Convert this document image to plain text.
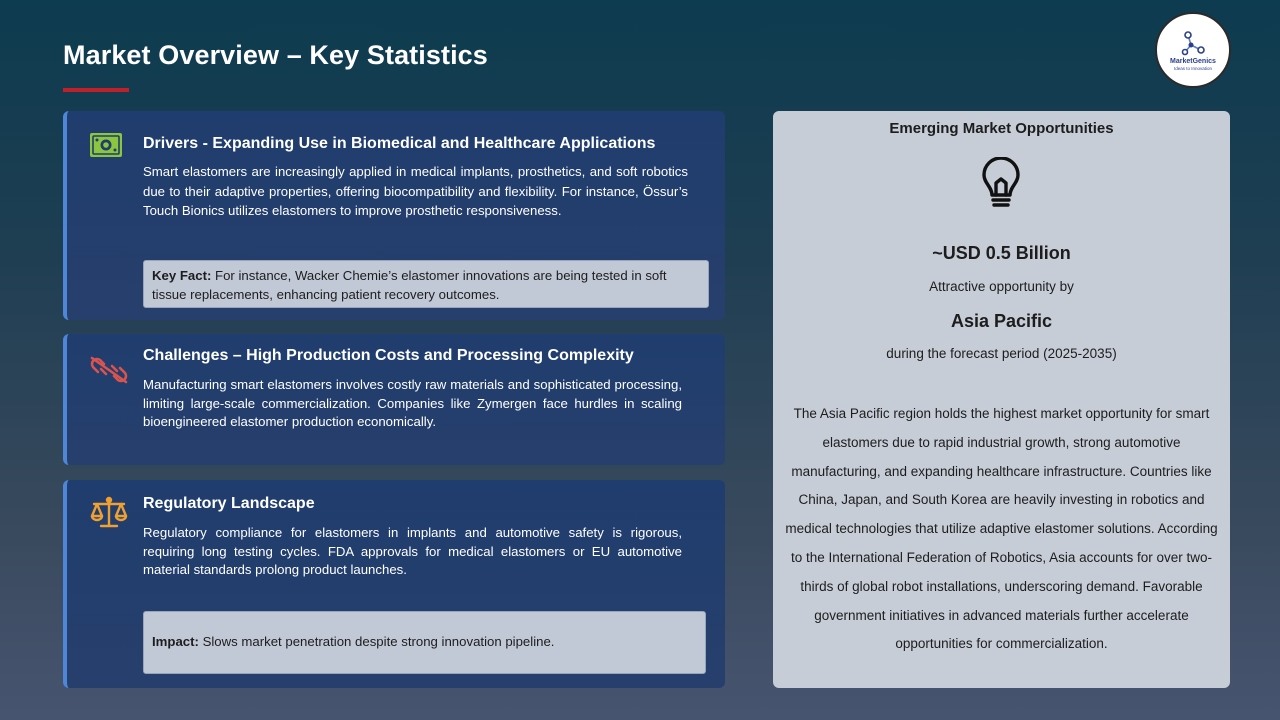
Market Overview – Key Statistics	MarketGenics
Ideas to Innovation
Drivers - Expanding Use in Biomedical and Healthcare Applications
Smart elastomers are increasingly applied in medical implants, prosthetics, and soft robotics due to their adaptive properties, offering biocompatibility and flexibility. For instance, Össur’s Touch Bionics utilizes elastomers to improve prosthetic responsiveness.
Key Fact: For instance, Wacker Chemie’s elastomer innovations are being tested in soft tissue replacements, enhancing patient recovery outcomes.
Challenges – High Production Costs and Processing Complexity
Manufacturing smart elastomers involves costly raw materials and sophisticated processing, limiting large-scale commercialization. Companies like Zymergen face hurdles in scaling bioengineered elastomer production economically.
Regulatory Landscape
Regulatory compliance for elastomers in implants and automotive safety is rigorous, requiring long testing cycles. FDA approvals for medical elastomers or EU automotive material standards prolong product launches.
Impact: Slows market penetration despite strong innovation pipeline.
Emerging Market Opportunities
~USD 0.5 Billion
Attractive opportunity by
Asia Pacific
during the forecast period (2025-2035)
The Asia Pacific region holds the highest market opportunity for smart elastomers due to rapid industrial growth, strong automotive manufacturing, and expanding healthcare infrastructure. Countries like China, Japan, and South Korea are heavily investing in robotics and medical technologies that utilize adaptive elastomer solutions. According to the International Federation of Robotics, Asia accounts for over two-thirds of global robot installations, underscoring demand. Favorable government initiatives in advanced materials further accelerate opportunities for commercialization.
